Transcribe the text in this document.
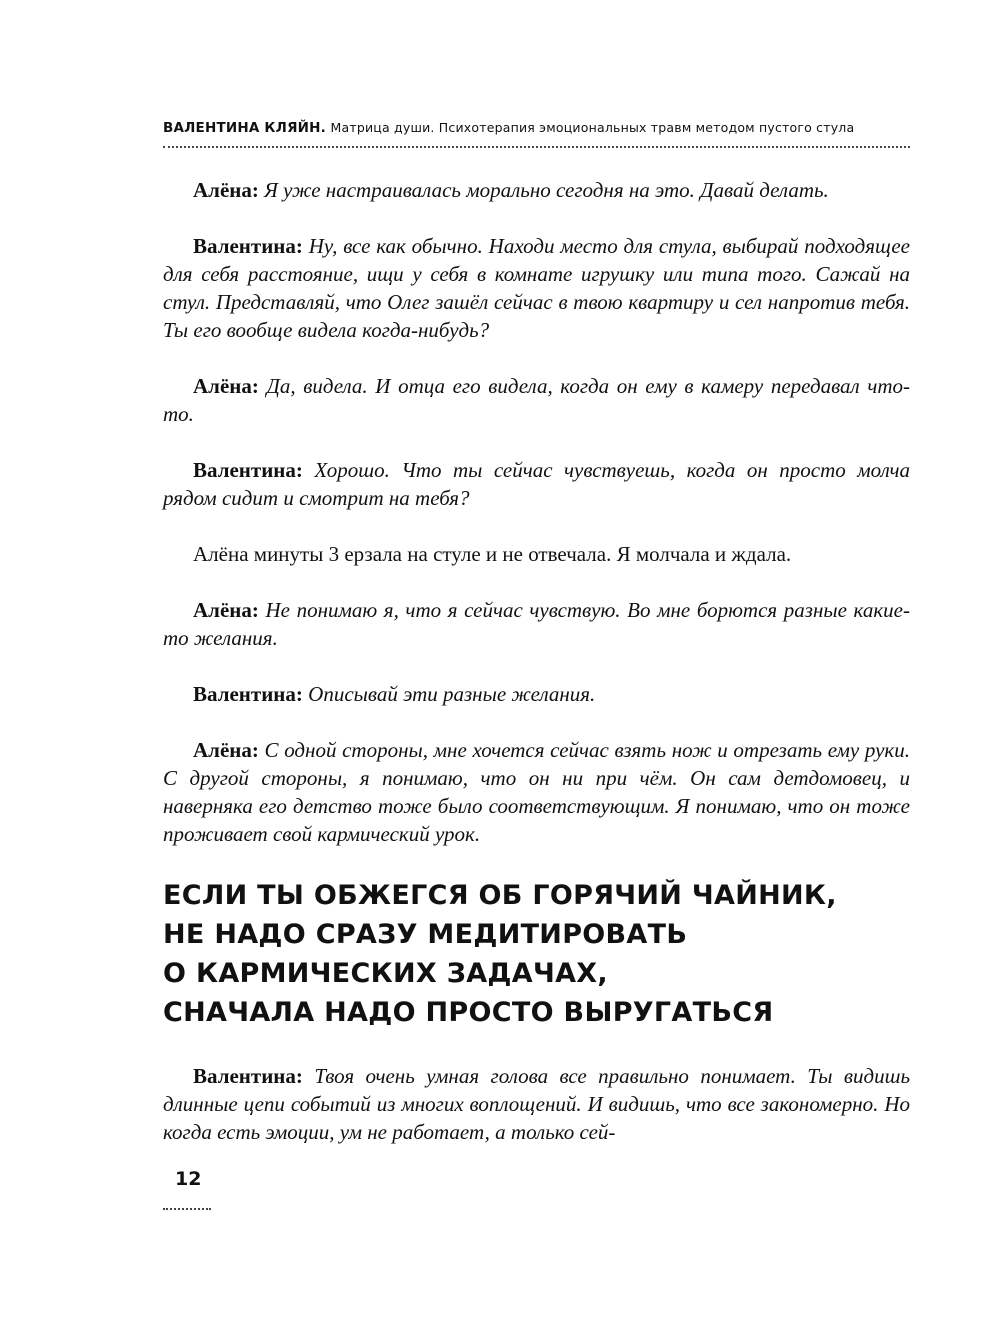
ВАЛЕНТИНА КЛЯЙН. Матрица души. Психотерапия эмоциональных травм методом пустого стула

Алёна: Я уже настраивалась морально сегодня на это. Давай делать.

Валентина: Ну, все как обычно. Находи место для стула, выбирай подходящее для себя расстояние, ищи у себя в комнате игрушку или типа того. Сажай на стул. Представляй, что Олег зашёл сейчас в твою квартиру и сел напротив тебя. Ты его вообще видела когда-нибудь?

Алёна: Да, видела. И отца его видела, когда он ему в камеру передавал что-то.

Валентина: Хорошо. Что ты сейчас чувствуешь, когда он просто молча рядом сидит и смотрит на тебя?

Алёна минуты 3 ерзала на стуле и не отвечала. Я молчала и ждала.

Алёна: Не понимаю я, что я сейчас чувствую. Во мне борются разные какие-то желания.

Валентина: Описывай эти разные желания.

Алёна: С одной стороны, мне хочется сейчас взять нож и отрезать ему руки. С другой стороны, я понимаю, что он ни при чём. Он сам детдомовец, и наверняка его детство тоже было соответствующим. Я понимаю, что он тоже проживает свой кармический урок.

ЕСЛИ ТЫ ОБЖЕГСЯ ОБ ГОРЯЧИЙ ЧАЙНИК,
НЕ НАДО СРАЗУ МЕДИТИРОВАТЬ
О КАРМИЧЕСКИХ ЗАДАЧАХ,
СНАЧАЛА НАДО ПРОСТО ВЫРУГАТЬСЯ

Валентина: Твоя очень умная голова все правильно понимает. Ты видишь длинные цепи событий из многих воплощений. И видишь, что все закономерно. Но когда есть эмоции, ум не работает, а только сей-

12
